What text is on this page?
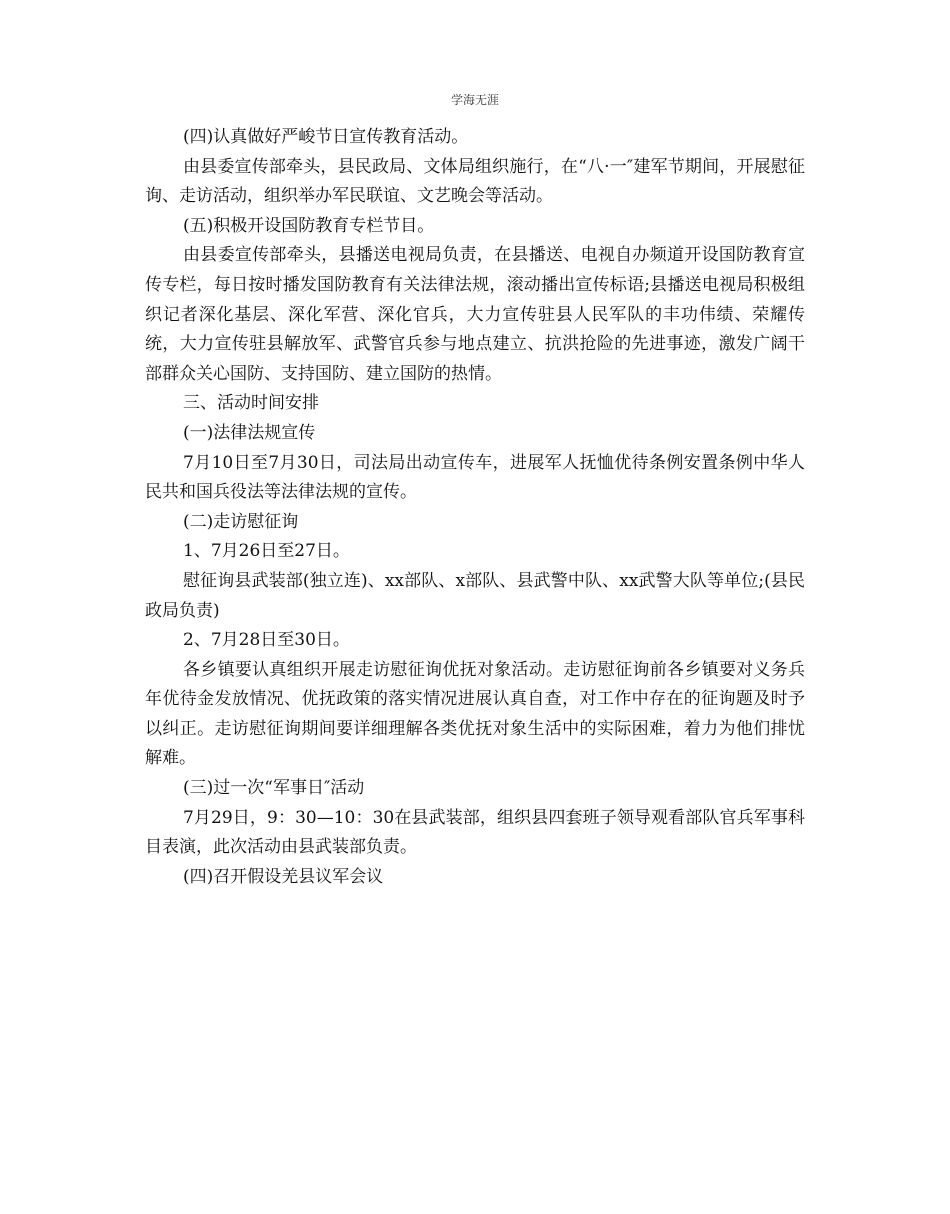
学海无涯

(四)认真做好严峻节日宣传教育活动。

由县委宣传部牵头，县民政局、文体局组织施行，在“八·一″建军节期间，开展慰征询、走访活动，组织举办军民联谊、文艺晚会等活动。

(五)积极开设国防教育专栏节目。

由县委宣传部牵头，县播送电视局负责，在县播送、电视自办频道开设国防教育宣传专栏，每日按时播发国防教育有关法律法规，滚动播出宣传标语;县播送电视局积极组织记者深化基层、深化军营、深化官兵，大力宣传驻县人民军队的丰功伟绩、荣耀传统，大力宣传驻县解放军、武警官兵参与地点建立、抗洪抢险的先进事迹，激发广阔干部群众关心国防、支持国防、建立国防的热情。

三、活动时间安排

(一)法律法规宣传

7月10日至7月30日，司法局出动宣传车，进展军人抚恤优待条例安置条例中华人民共和国兵役法等法律法规的宣传。

(二)走访慰征询

1、7月26日至27日。

慰征询县武装部(独立连)、xx部队、x部队、县武警中队、xx武警大队等单位;(县民政局负责)

2、7月28日至30日。

各乡镇要认真组织开展走访慰征询优抚对象活动。走访慰征询前各乡镇要对义务兵年优待金发放情况、优抚政策的落实情况进展认真自查，对工作中存在的征询题及时予以纠正。走访慰征询期间要详细理解各类优抚对象生活中的实际困难，着力为他们排忧解难。

(三)过一次“军事日″活动

7月29日，9：30—10：30在县武装部，组织县四套班子领导观看部队官兵军事科目表演，此次活动由县武装部负责。

(四)召开假设羌县议军会议
